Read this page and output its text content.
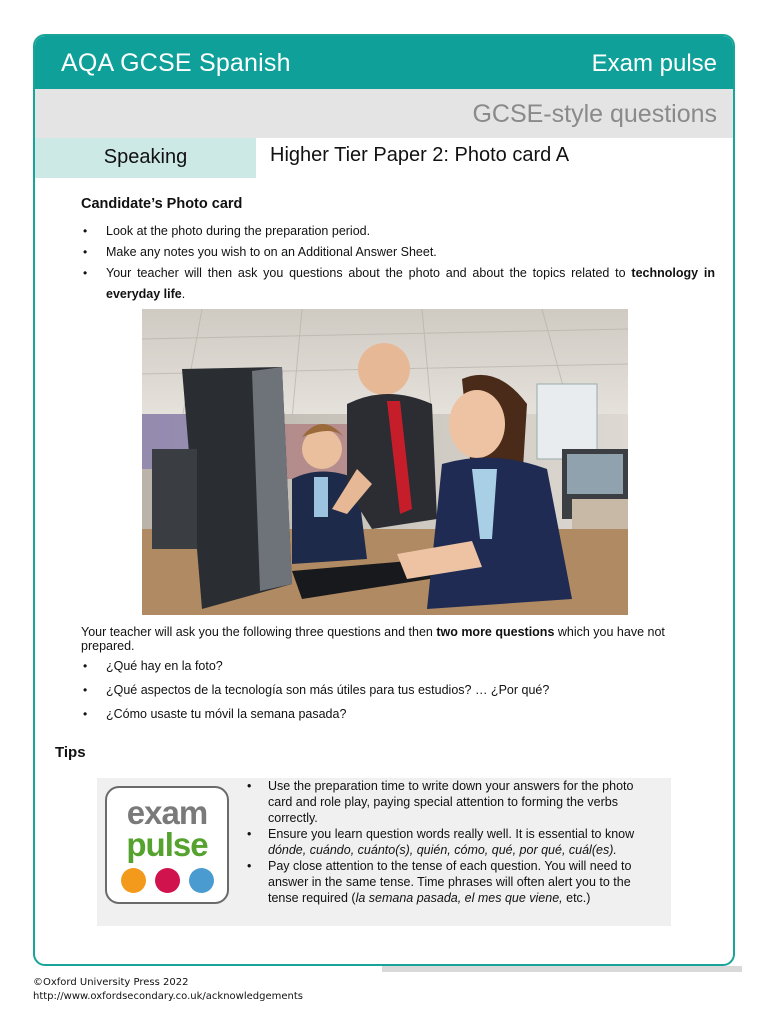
AQA GCSE Spanish	Exam pulse
GCSE-style questions
Speaking	Higher Tier Paper 2: Photo card A
Candidate’s Photo card
• Look at the photo during the preparation period.
• Make any notes you wish to on an Additional Answer Sheet.
• Your teacher will then ask you questions about the photo and about the topics related to technology in everyday life.
Your teacher will ask you the following three questions and then two more questions which you have not prepared.
• ¿Qué hay en la foto?
• ¿Qué aspectos de la tecnología son más útiles para tus estudios? … ¿Por qué?
• ¿Cómo usaste tu móvil la semana pasada?
Tips
exam
pulse
• Use the preparation time to write down your answers for the photo card and role play, paying special attention to forming the verbs correctly.
• Ensure you learn question words really well. It is essential to know dónde, cuándo, cuánto(s), quién, cómo, qué, por qué, cuál(es).
• Pay close attention to the tense of each question. You will need to answer in the same tense. Time phrases will often alert you to the tense required (la semana pasada, el mes que viene, etc.)
©Oxford University Press 2022
http://www.oxfordsecondary.co.uk/acknowledgements
